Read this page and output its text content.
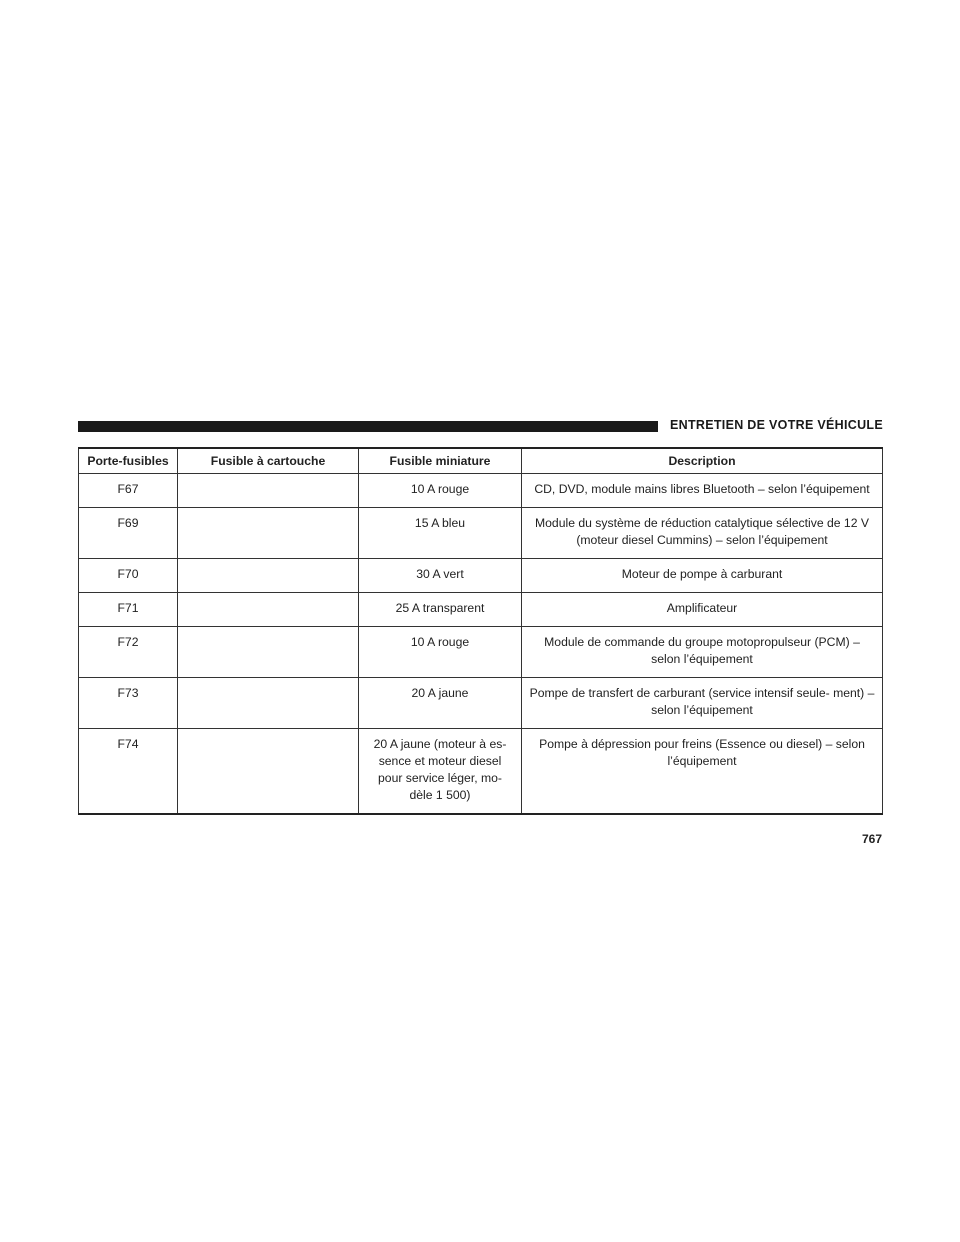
ENTRETIEN DE VOTRE VÉHICULE
Porte-fusibles	Fusible à cartouche	Fusible miniature	Description
F67		10 A rouge	CD, DVD, module mains libres Bluetooth – selon l’équipement
F69		15 A bleu	Module du système de réduction catalytique sélective de 12 V (moteur diesel Cummins) – selon l’équipement
F70		30 A vert	Moteur de pompe à carburant
F71		25 A transparent	Amplificateur
F72		10 A rouge	Module de commande du groupe motopropulseur (PCM) – selon l’équipement
F73		20 A jaune	Pompe de transfert de carburant (service intensif seule- ment) – selon l’équipement
F74		20 A jaune (moteur à es- sence et moteur diesel pour service léger, mo- dèle 1 500)	Pompe à dépression pour freins (Essence ou diesel) – selon l’équipement
767
